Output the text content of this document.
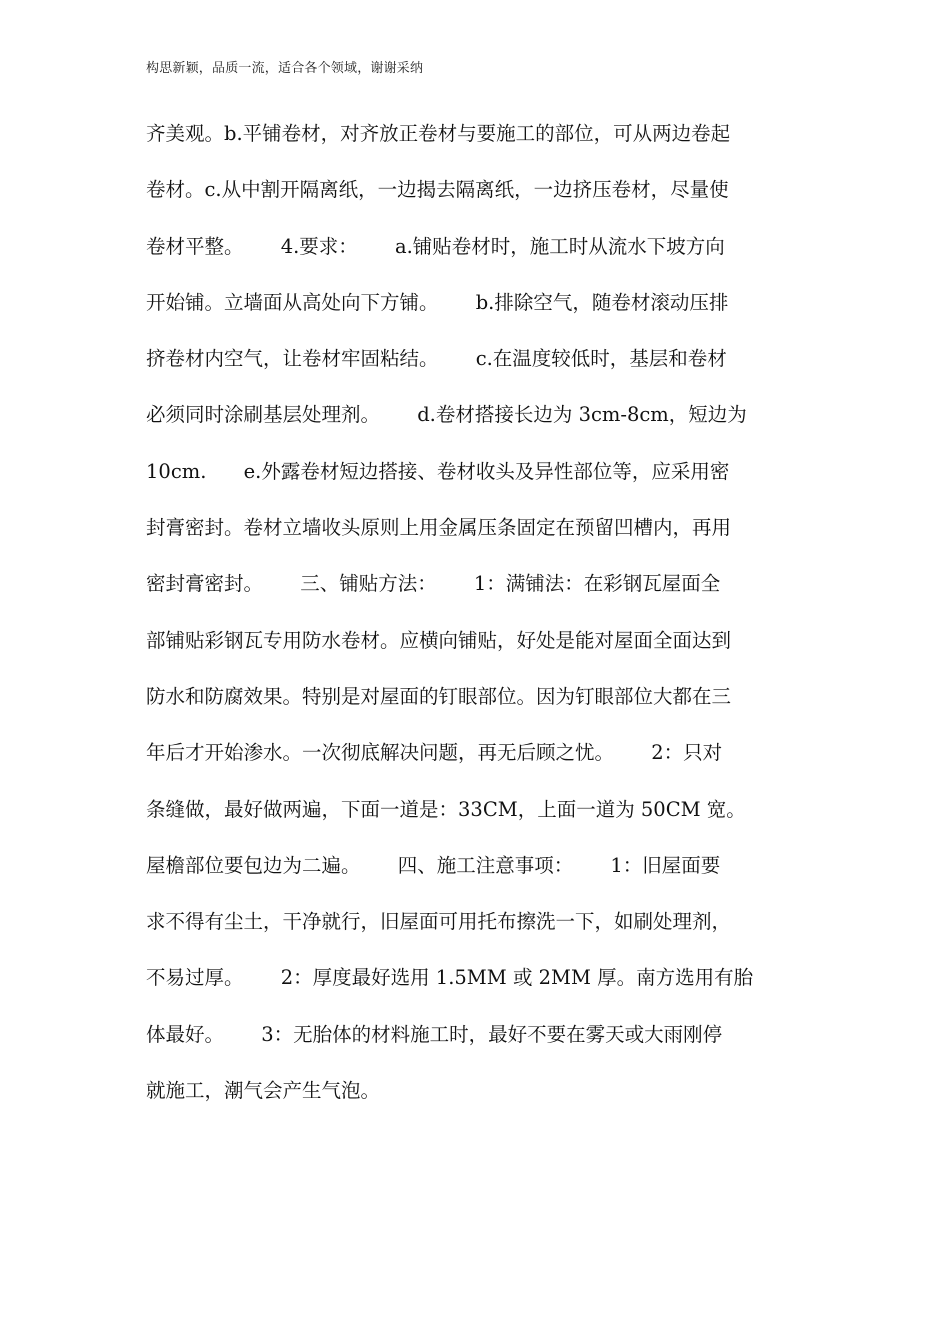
构思新颖，品质一流，适合各个领域，谢谢采纳
齐美观。b.平铺卷材，对齐放正卷材与要施工的部位，可从两边卷起
卷材。c.从中割开隔离纸，一边揭去隔离纸，一边挤压卷材，尽量使
卷材平整。      4.要求：      a.铺贴卷材时，施工时从流水下坡方向
开始铺。立墙面从高处向下方铺。      b.排除空气，随卷材滚动压排
挤卷材内空气，让卷材牢固粘结。      c.在温度较低时，基层和卷材
必须同时涂刷基层处理剂。      d.卷材搭接长边为 3cm-8cm，短边为
10cm.      e.外露卷材短边搭接、卷材收头及异性部位等，应采用密
封膏密封。卷材立墙收头原则上用金属压条固定在预留凹槽内，再用
密封膏密封。      三、铺贴方法：      1：满铺法：在彩钢瓦屋面全
部铺贴彩钢瓦专用防水卷材。应横向铺贴，好处是能对屋面全面达到
防水和防腐效果。特别是对屋面的钉眼部位。因为钉眼部位大都在三
年后才开始渗水。一次彻底解决问题，再无后顾之忧。      2：只对
条缝做，最好做两遍，下面一道是：33CM，上面一道为 50CM 宽。
屋檐部位要包边为二遍。      四、施工注意事项：      1：旧屋面要
求不得有尘土，干净就行，旧屋面可用托布擦洗一下，如刷处理剂，
不易过厚。      2：厚度最好选用 1.5MM 或 2MM 厚。南方选用有胎
体最好。      3：无胎体的材料施工时，最好不要在雾天或大雨刚停
就施工，潮气会产生气泡。
